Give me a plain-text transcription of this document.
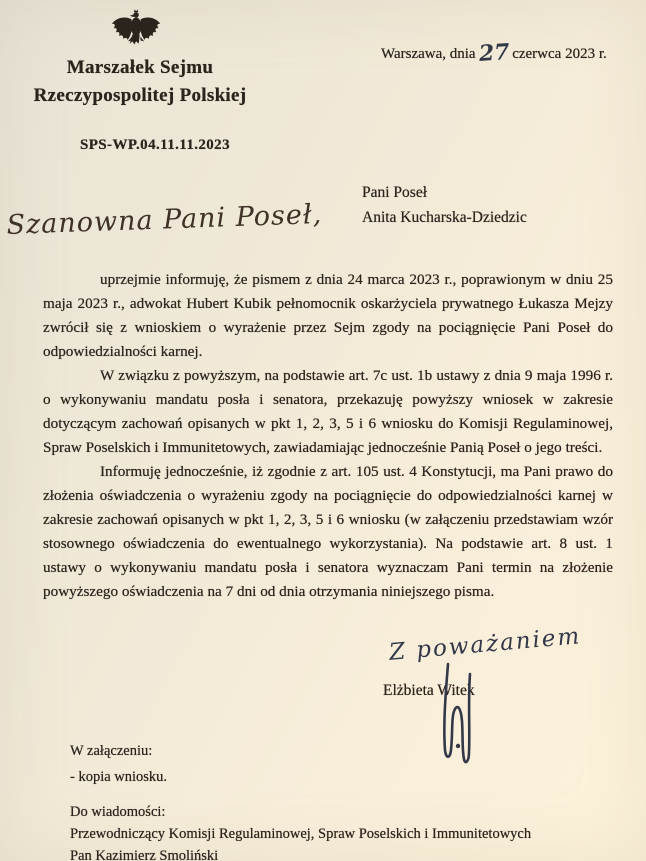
Warszawa, dnia27 czerwca 2023 r.
Marszałek Sejmu
Rzeczypospolitej Polskiej
SPS-WP.04.11.11.2023
Pani Poseł
Anita Kucharska-Dziedzic
Szanowna Pani Poseł,

uprzejmie informuję, że pismem z dnia 24 marca 2023 r., poprawionym w dniu 25 maja 2023 r., adwokat Hubert Kubik pełnomocnik oskarżyciela prywatnego Łukasza Mejzy zwrócił się z wnioskiem o wyrażenie przez Sejm zgody na pociągnięcie Pani Poseł do odpowiedzialności karnej.

W związku z powyższym, na podstawie art. 7c ust. 1b ustawy z dnia 9 maja 1996 r. o wykonywaniu mandatu posła i senatora, przekazuję powyższy wniosek w zakresie dotyczącym zachowań opisanych w pkt 1, 2, 3, 5 i 6 wniosku do Komisji Regulaminowej, Spraw Poselskich i Immunitetowych, zawiadamiając jednocześnie Panią Poseł o jego treści.

Informuję jednocześnie, iż zgodnie z art. 105 ust. 4 Konstytucji, ma Pani prawo do złożenia oświadczenia o wyrażeniu zgody na pociągnięcie do odpowiedzialności karnej w zakresie zachowań opisanych w pkt 1, 2, 3, 5 i 6 wniosku (w załączeniu przedstawiam wzór stosownego oświadczenia do ewentualnego wykorzystania). Na podstawie art. 8 ust. 1 ustawy o wykonywaniu mandatu posła i senatora wyznaczam Pani termin na złożenie powyższego oświadczenia na 7 dni od dnia otrzymania niniejszego pisma.

Z poważaniem
Elżbieta Witek
W załączeniu:
- kopia wniosku.
Do wiadomości:
Przewodniczący Komisji Regulaminowej, Spraw Poselskich i Immunitetowych
Pan Kazimierz Smoliński
